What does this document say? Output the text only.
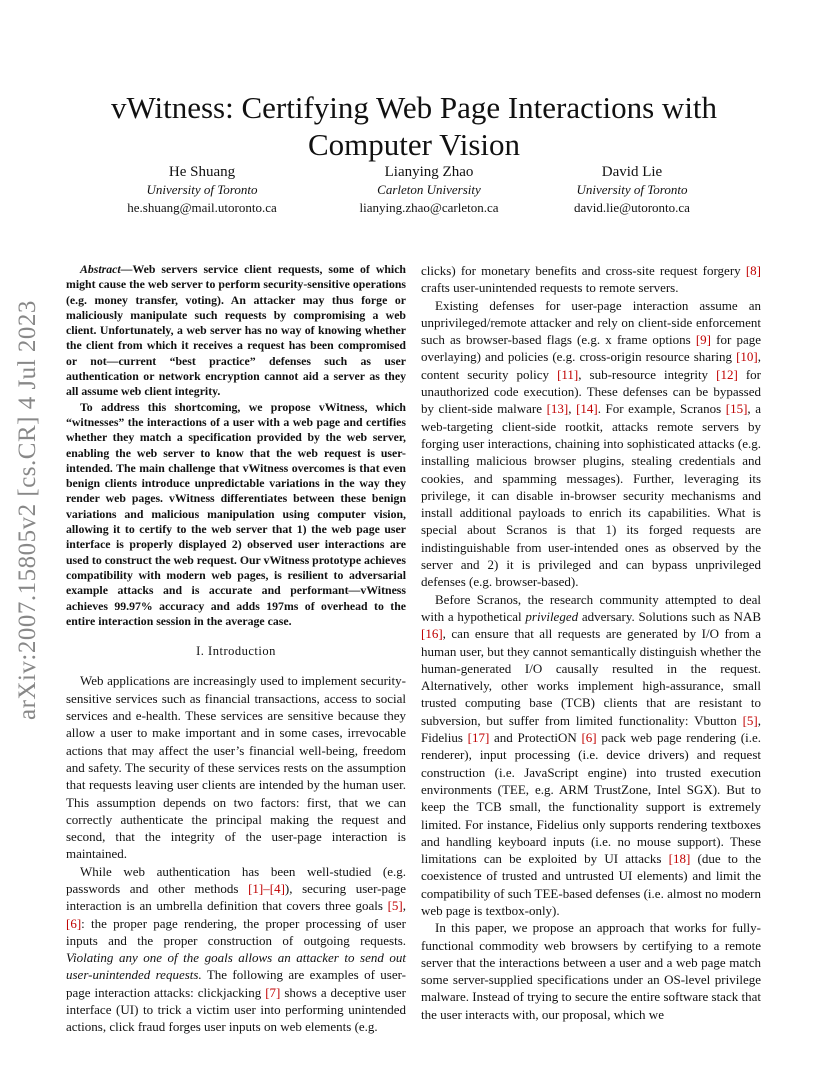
arXiv:2007.15805v2 [cs.CR] 4 Jul 2023
vWitness: Certifying Web Page Interactions with Computer Vision
He Shuang
University of Toronto
he.shuang@mail.utoronto.ca
Lianying Zhao
Carleton University
lianying.zhao@carleton.ca
David Lie
University of Toronto
david.lie@utoronto.ca

Abstract—Web servers service client requests, some of which might cause the web server to perform security-sensitive operations (e.g. money transfer, voting). An attacker may thus forge or maliciously manipulate such requests by compromising a web client. Unfortunately, a web server has no way of knowing whether the client from which it receives a request has been compromised or not—current “best practice” defenses such as user authentication or network encryption cannot aid a server as they all assume web client integrity.

To address this shortcoming, we propose vWitness, which “witnesses” the interactions of a user with a web page and certifies whether they match a specification provided by the web server, enabling the web server to know that the web request is user-intended. The main challenge that vWitness overcomes is that even benign clients introduce unpredictable variations in the way they render web pages. vWitness differentiates between these benign variations and malicious manipulation using computer vision, allowing it to certify to the web server that 1) the web page user interface is properly displayed 2) observed user interactions are used to construct the web request. Our vWitness prototype achieves compatibility with modern web pages, is resilient to adversarial example attacks and is accurate and performant—vWitness achieves 99.97% accuracy and adds 197ms of overhead to the entire interaction session in the average case.

I. Introduction

Web applications are increasingly used to implement security-sensitive services such as financial transactions, access to social services and e-health. These services are sensitive because they allow a user to make important and in some cases, irrevocable actions that may affect the user’s financial well-being, freedom and safety. The security of these services rests on the assumption that requests leaving user clients are intended by the human user. This assumption depends on two factors: first, that we can correctly authenticate the principal making the request and second, that the integrity of the user-page interaction is maintained.

While web authentication has been well-studied (e.g. passwords and other methods [1]–[4]), securing user-page interaction is an umbrella definition that covers three goals [5], [6]: the proper page rendering, the proper processing of user inputs and the proper construction of outgoing requests. Violating any one of the goals allows an attacker to send out user-unintended requests. The following are examples of user-page interaction attacks: clickjacking [7] shows a deceptive user interface (UI) to trick a victim user into performing unintended actions, click fraud forges user inputs on web elements (e.g.

clicks) for monetary benefits and cross-site request forgery [8] crafts user-unintended requests to remote servers.

Existing defenses for user-page interaction assume an unprivileged/remote attacker and rely on client-side enforcement such as browser-based flags (e.g. x frame options [9] for page overlaying) and policies (e.g. cross-origin resource sharing [10], content security policy [11], sub-resource integrity [12] for unauthorized code execution). These defenses can be bypassed by client-side malware [13], [14]. For example, Scranos [15], a web-targeting client-side rootkit, attacks remote servers by forging user interactions, chaining into sophisticated attacks (e.g. installing malicious browser plugins, stealing credentials and cookies, and spamming messages). Further, leveraging its privilege, it can disable in-browser security mechanisms and install additional payloads to enrich its capabilities. What is special about Scranos is that 1) its forged requests are indistinguishable from user-intended ones as observed by the server and 2) it is privileged and can bypass unprivileged defenses (e.g. browser-based).

Before Scranos, the research community attempted to deal with a hypothetical privileged adversary. Solutions such as NAB [16], can ensure that all requests are generated by I/O from a human user, but they cannot semantically distinguish whether the human-generated I/O causally resulted in the request. Alternatively, other works implement high-assurance, small trusted computing base (TCB) clients that are resistant to subversion, but suffer from limited functionality: Vbutton [5], Fidelius [17] and ProtectiON [6] pack web page rendering (i.e. renderer), input processing (i.e. device drivers) and request construction (i.e. JavaScript engine) into trusted execution environments (TEE, e.g. ARM TrustZone, Intel SGX). But to keep the TCB small, the functionality support is extremely limited. For instance, Fidelius only supports rendering textboxes and handling keyboard inputs (i.e. no mouse support). These limitations can be exploited by UI attacks [18] (due to the coexistence of trusted and untrusted UI elements) and limit the compatibility of such TEE-based defenses (i.e. almost no modern web page is textbox-only).

In this paper, we propose an approach that works for fully-functional commodity web browsers by certifying to a remote server that the interactions between a user and a web page match some server-supplied specifications under an OS-level privilege malware. Instead of trying to secure the entire software stack that the user interacts with, our proposal, which we
